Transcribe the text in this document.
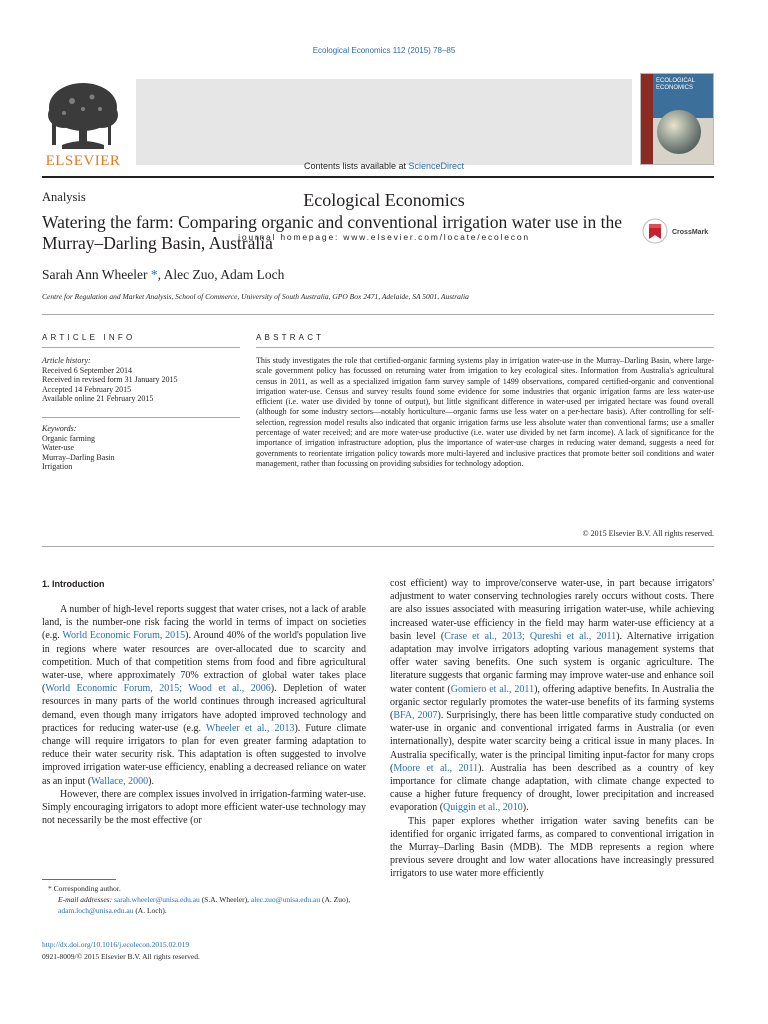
Ecological Economics 112 (2015) 78–85
ELSEVIER	Contents lists available at ScienceDirect
Ecological Economics
journal homepage: www.elsevier.com/locate/ecolecon
ECOLOGICAL ECONOMICS
Analysis
Watering the farm: Comparing organic and conventional irrigation water use in the Murray–Darling Basin, Australia
CrossMark
Sarah Ann Wheeler *, Alec Zuo, Adam Loch
Centre for Regulation and Market Analysis, School of Commerce, University of South Australia, GPO Box 2471, Adelaide, SA 5001, Australia
ARTICLE INFO
Article history:
Received 6 September 2014
Received in revised form 31 January 2015
Accepted 14 February 2015
Available online 21 February 2015
Keywords:
Organic farming
Water-use
Murray–Darling Basin
Irrigation
ABSTRACT
This study investigates the role that certified-organic farming systems play in irrigation water-use in the Murray–Darling Basin, where large-scale government policy has focussed on returning water from irrigation to key ecological sites. Information from Australia's agricultural census in 2011, as well as a specialized irrigation farm survey sample of 1499 observations, compared certified-organic and conventional irrigation water-use. Census and survey results found some evidence for some industries that organic irrigation farms are less water-use efficient (i.e. water use divided by tonne of output), but little significant difference in water-used per irrigated hectare was found overall (although for some industry sectors—notably horticulture—organic farms use less water on a per-hectare basis). After controlling for self-selection, regression model results also indicated that organic irrigation farms use less absolute water than conventional farms; use a smaller percentage of water received; and are more water-use productive (i.e. water use divided by net farm income). A lack of significance for the importance of irrigation infrastructure adoption, plus the importance of water-use charges in reducing water demand, suggests a need for governments to reorientate irrigation policy towards more multi-layered and inclusive practices that promote better soil conditions and water management, rather than focussing on providing subsidies for technology adoption.
© 2015 Elsevier B.V. All rights reserved.
1. Introduction

A number of high-level reports suggest that water crises, not a lack of arable land, is the number-one risk facing the world in terms of impact on societies (e.g. World Economic Forum, 2015). Around 40% of the world's population live in regions where water resources are over-allocated due to scarcity and competition. Much of that competition stems from food and fibre agricultural water-use, where approximately 70% extraction of global water takes place (World Economic Forum, 2015; Wood et al., 2006). Depletion of water resources in many parts of the world continues through increased agricultural demand, even though many irrigators have adopted improved technology and practices for reducing water-use (e.g. Wheeler et al., 2013). Future climate change will require irrigators to plan for even greater farming adaptation to reduce their water security risk. This adaptation is often suggested to involve improved irrigation water-use efficiency, enabling a decreased reliance on water as an input (Wallace, 2000).

However, there are complex issues involved in irrigation-farming water-use. Simply encouraging irrigators to adopt more efficient water-use technology may not necessarily be the most effective (or

cost efficient) way to improve/conserve water-use, in part because irrigators' adjustment to water conserving technologies rarely occurs without costs. There are also issues associated with measuring irrigation water-use, while achieving increased water-use efficiency in the field may harm water-use efficiency at a basin level (Crase et al., 2013; Qureshi et al., 2011). Alternative irrigation adaptation may involve irrigators adopting various management systems that offer water saving benefits. One such system is organic agriculture. The literature suggests that organic farming may improve water-use and enhance soil water content (Gomiero et al., 2011), offering adaptive benefits. In Australia the organic sector regularly promotes the water-use benefits of its farming systems (BFA, 2007). Surprisingly, there has been little comparative study conducted on water-use in organic and conventional irrigated farms in Australia (or even internationally), despite water scarcity being a critical issue in many places. In Australia specifically, water is the principal limiting input-factor for many crops (Moore et al., 2011). Australia has been described as a country of key importance for climate change adaptation, with climate change expected to cause a higher future frequency of drought, lower precipitation and increased evaporation (Quiggin et al., 2010).

This paper explores whether irrigation water saving benefits can be identified for organic irrigated farms, as compared to conventional irrigation in the Murray–Darling Basin (MDB). The MDB represents a region where previous severe drought and low water allocations have increasingly pressured irrigators to use water more efficiently

* Corresponding author.
E-mail addresses: sarah.wheeler@unisa.edu.au (S.A. Wheeler), alec.zuo@unisa.edu.au (A. Zuo), adam.loch@unisa.edu.au (A. Loch).
http://dx.doi.org/10.1016/j.ecolecon.2015.02.019
0921-8009/© 2015 Elsevier B.V. All rights reserved.
